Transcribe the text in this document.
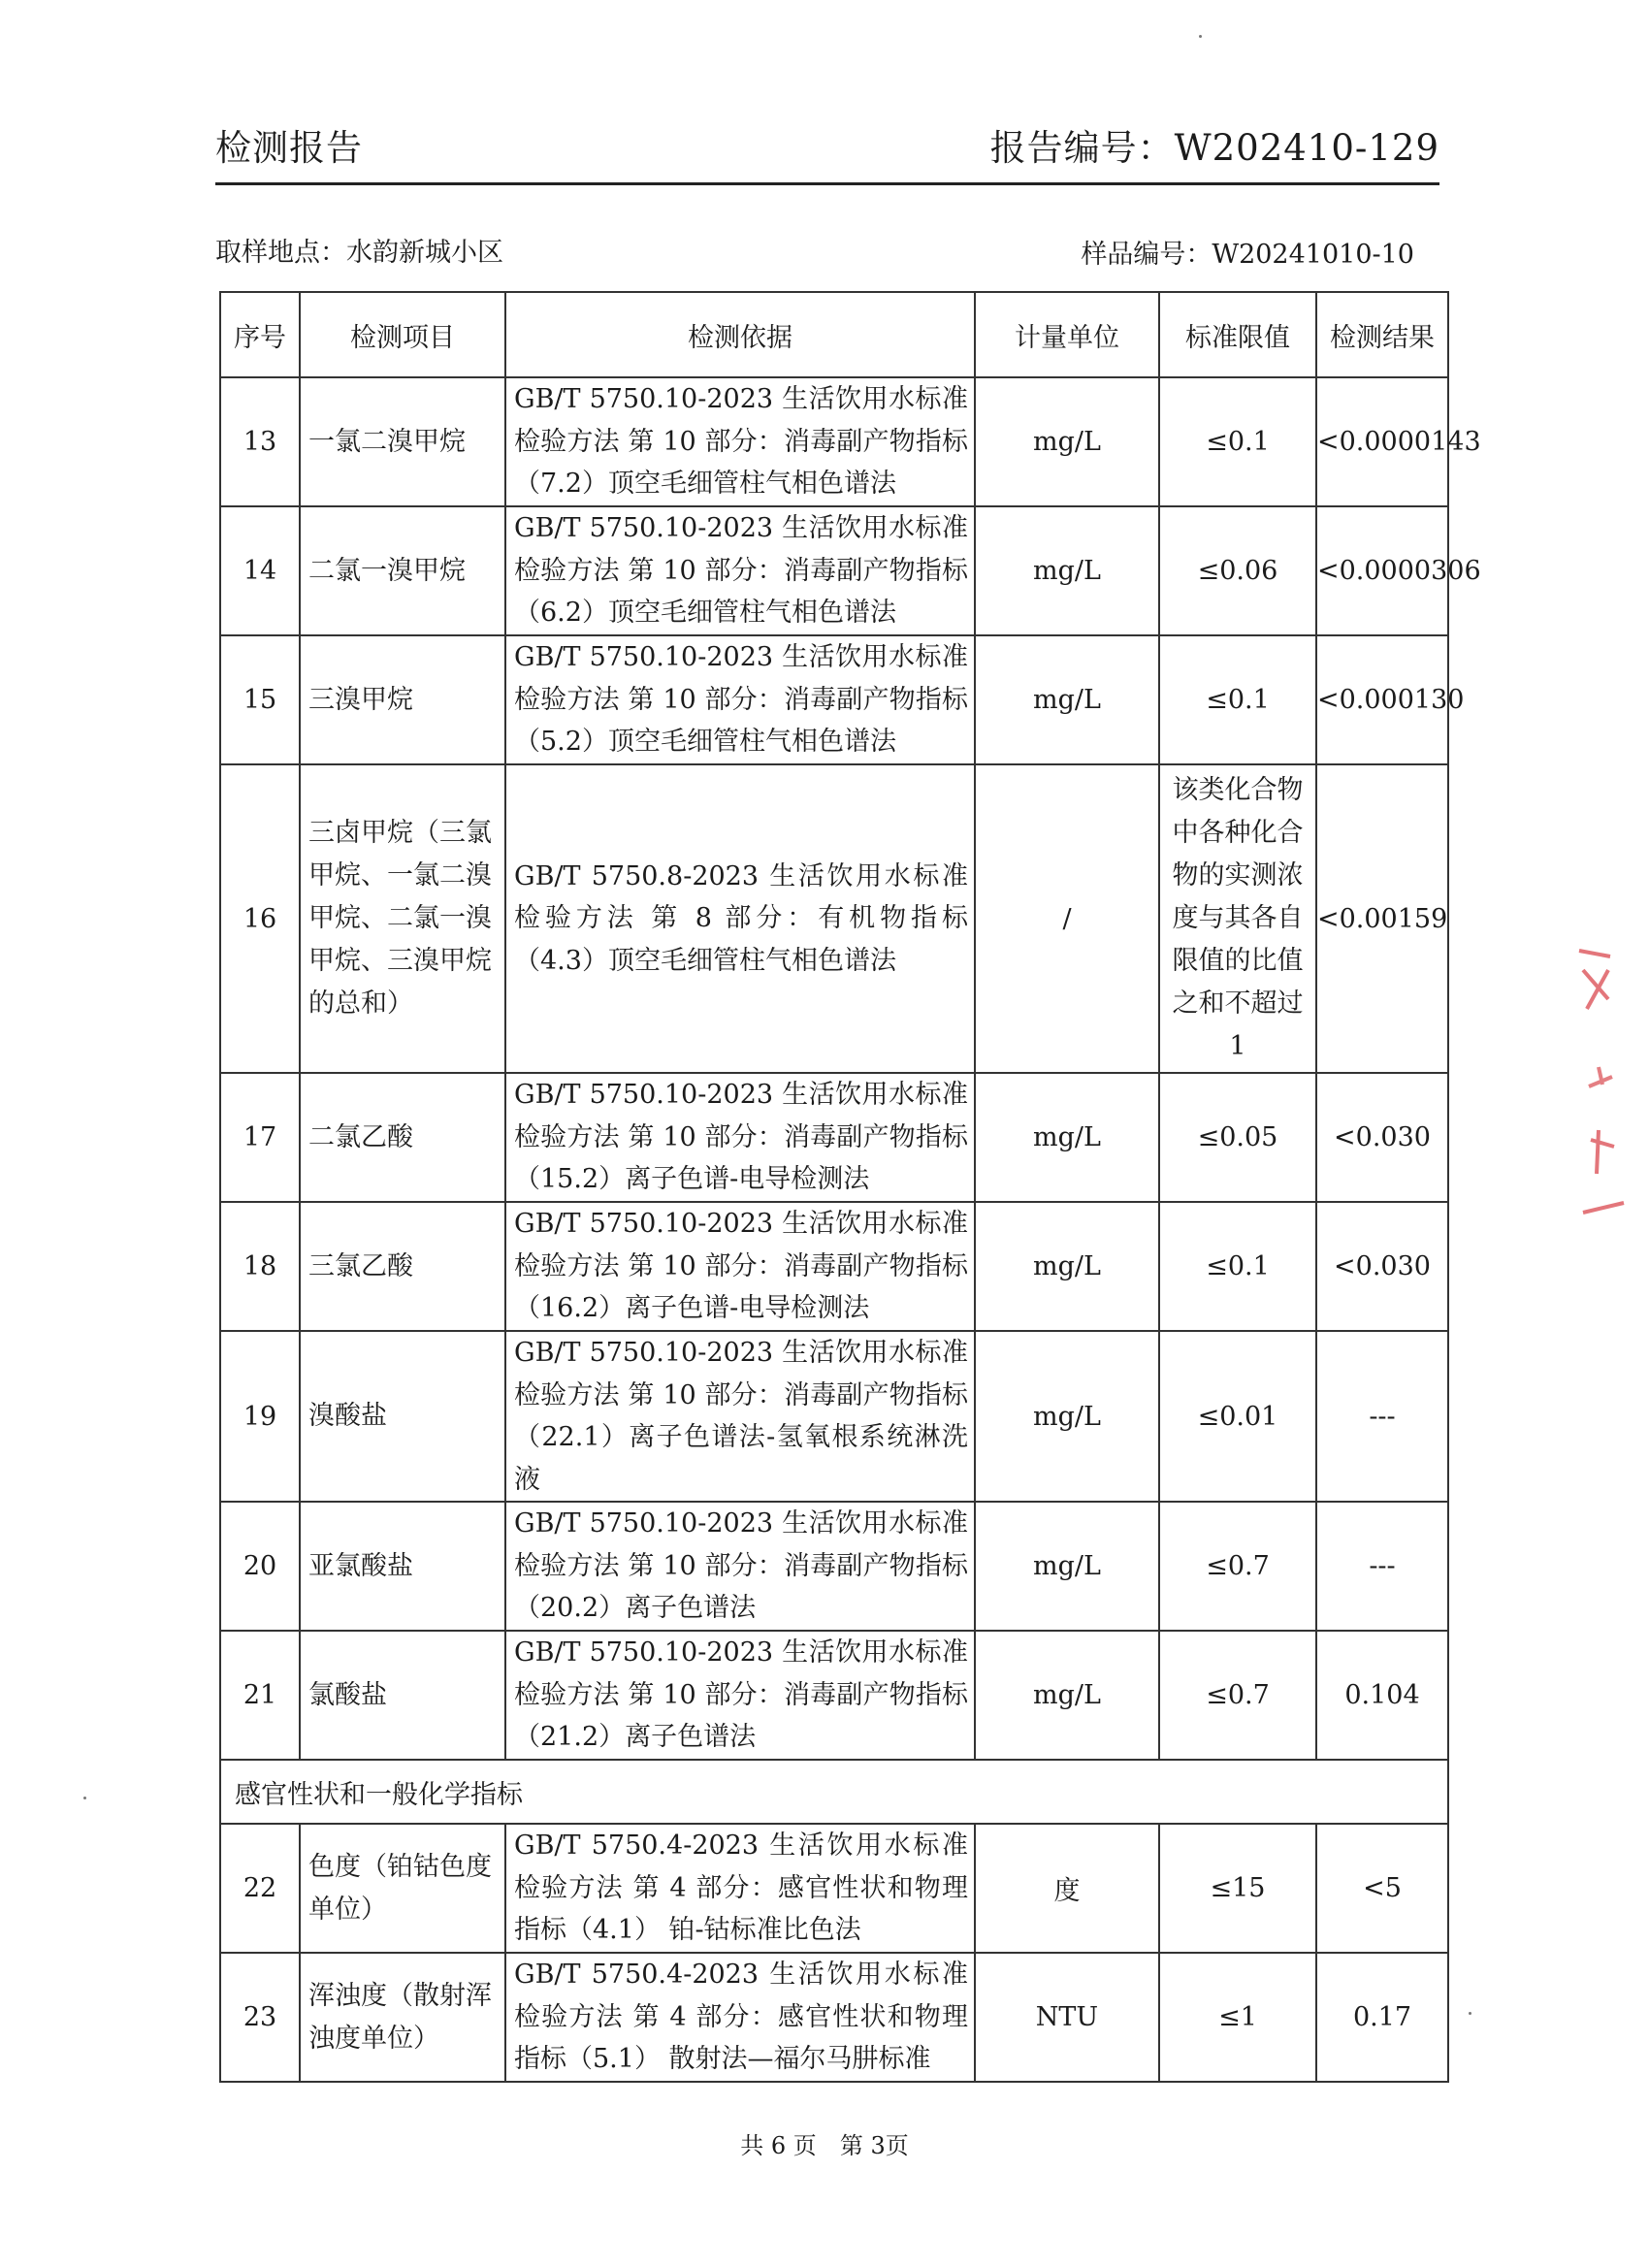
检测报告	报告编号：W202410-129
取样地点：水韵新城小区	样品编号：W20241010-10
序号	检测项目	检测依据	计量单位	标准限值	检测结果
13	一氯二溴甲烷	GB/T 5750.10-2023 生活饮用水标准检验方法 第 10 部分：消毒副产物指标（7.2）顶空毛细管柱气相色谱法	mg/L	≤0.1	<0.0000143
14	二氯一溴甲烷	GB/T 5750.10-2023 生活饮用水标准检验方法 第 10 部分：消毒副产物指标（6.2）顶空毛细管柱气相色谱法	mg/L	≤0.06	<0.0000306
15	三溴甲烷	GB/T 5750.10-2023 生活饮用水标准检验方法 第 10 部分：消毒副产物指标（5.2）顶空毛细管柱气相色谱法	mg/L	≤0.1	<0.000130
16	三卤甲烷（三氯甲烷、一氯二溴甲烷、二氯一溴甲烷、三溴甲烷的总和）	GB/T 5750.8-2023 生活饮用水标准检验方法 第 8 部分：有机物指标（4.3）顶空毛细管柱气相色谱法	/	该类化合物中各种化合物的实测浓度与其各自限值的比值之和不超过1	<0.00159
17	二氯乙酸	GB/T 5750.10-2023 生活饮用水标准检验方法 第 10 部分：消毒副产物指标（15.2）离子色谱-电导检测法	mg/L	≤0.05	<0.030
18	三氯乙酸	GB/T 5750.10-2023 生活饮用水标准检验方法 第 10 部分：消毒副产物指标（16.2）离子色谱-电导检测法	mg/L	≤0.1	<0.030
19	溴酸盐	GB/T 5750.10-2023 生活饮用水标准检验方法 第 10 部分：消毒副产物指标（22.1）离子色谱法-氢氧根系统淋洗液	mg/L	≤0.01	---
20	亚氯酸盐	GB/T 5750.10-2023 生活饮用水标准检验方法 第 10 部分：消毒副产物指标（20.2）离子色谱法	mg/L	≤0.7	---
21	氯酸盐	GB/T 5750.10-2023 生活饮用水标准检验方法 第 10 部分：消毒副产物指标（21.2）离子色谱法	mg/L	≤0.7	0.104
感官性状和一般化学指标					
22	色度（铂钴色度单位）	GB/T 5750.4-2023 生活饮用水标准检验方法 第 4 部分：感官性状和物理指标（4.1） 铂-钴标准比色法	度	≤15	<5
23	浑浊度（散射浑浊度单位）	GB/T 5750.4-2023 生活饮用水标准检验方法 第 4 部分：感官性状和物理指标（5.1） 散射法—福尔马肼标准	NTU	≤1	0.17
共 6 页 第 3页
